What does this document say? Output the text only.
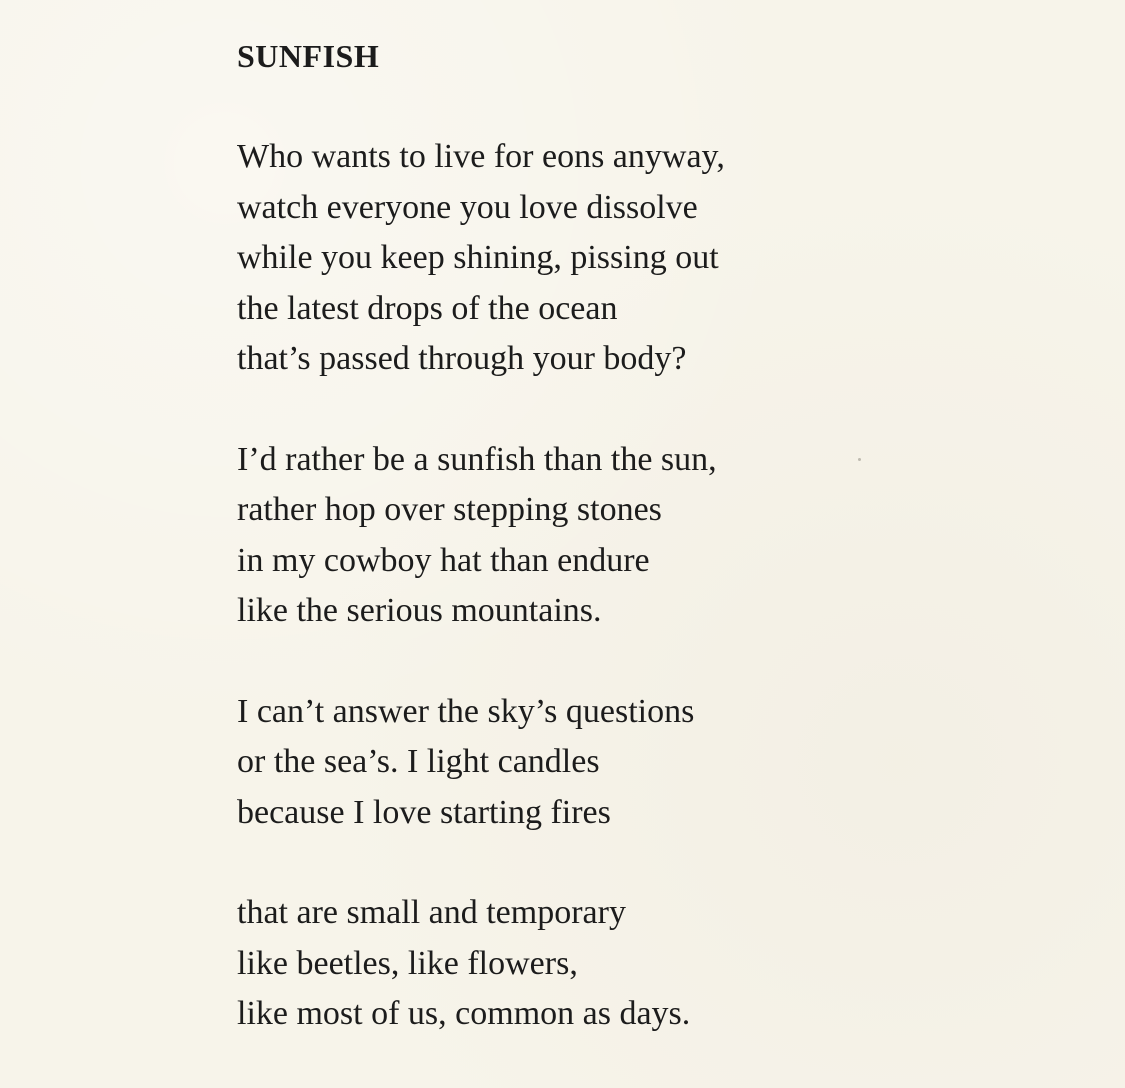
SUNFISH
Who wants to live for eons anyway,
watch everyone you love dissolve
while you keep shining, pissing out
the latest drops of the ocean
that’s passed through your body?
I’d rather be a sunfish than the sun,
rather hop over stepping stones
in my cowboy hat than endure
like the serious mountains.
I can’t answer the sky’s questions
or the sea’s. I light candles
because I love starting fires
that are small and temporary
like beetles, like flowers,
like most of us, common as days.
